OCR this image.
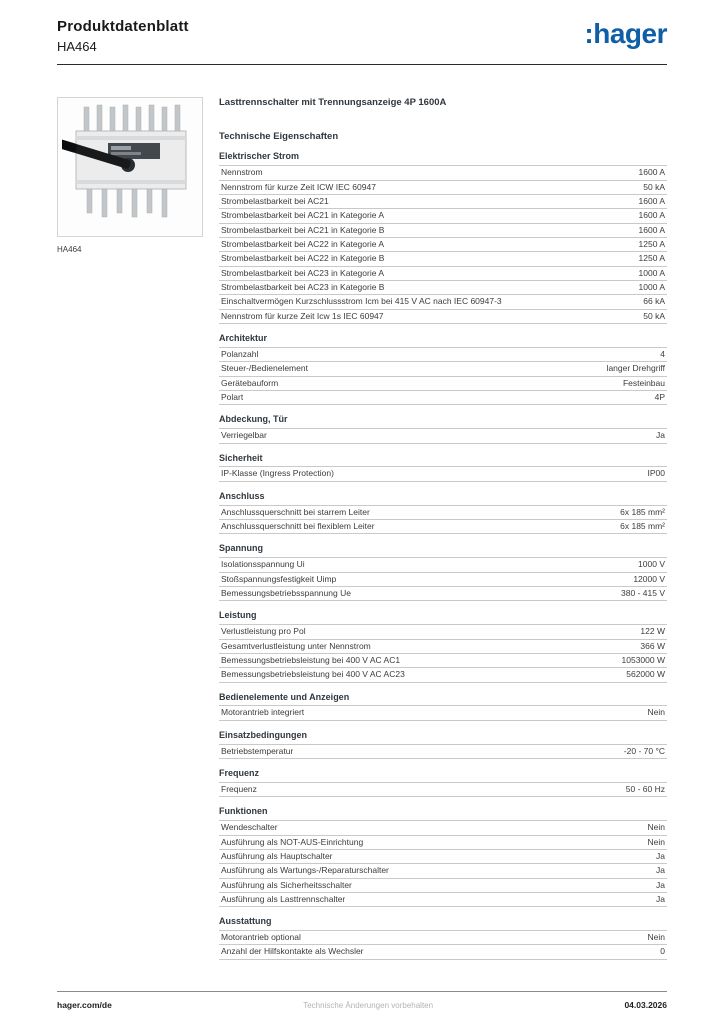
Produktdatenblatt
HA464	:hager
HA464
Lasttrennschalter mit Trennungsanzeige 4P 1600A
Technische Eigenschaften
Elektrischer Strom
Nennstrom	1600 A
Nennstrom für kurze Zeit ICW IEC 60947	50 kA
Strombelastbarkeit bei AC21	1600 A
Strombelastbarkeit bei AC21 in Kategorie A	1600 A
Strombelastbarkeit bei AC21 in Kategorie B	1600 A
Strombelastbarkeit bei AC22 in Kategorie A	1250 A
Strombelastbarkeit bei AC22 in Kategorie B	1250 A
Strombelastbarkeit bei AC23 in Kategorie A	1000 A
Strombelastbarkeit bei AC23 in Kategorie B	1000 A
Einschaltvermögen Kurzschlussstrom Icm bei 415 V AC nach IEC 60947-3	66 kA
Nennstrom für kurze Zeit Icw 1s IEC 60947	50 kA
Architektur
Polanzahl	4
Steuer-/Bedienelement	langer Drehgriff
Gerätebauform	Festeinbau
Polart	4P
Abdeckung, Tür
Verriegelbar	Ja
Sicherheit
IP-Klasse (Ingress Protection)	IP00
Anschluss
Anschlussquerschnitt bei starrem Leiter	6x 185 mm²
Anschlussquerschnitt bei flexiblem Leiter	6x 185 mm²
Spannung
Isolationsspannung Ui	1000 V
Stoßspannungsfestigkeit Uimp	12000 V
Bemessungsbetriebsspannung Ue	380 - 415 V
Leistung
Verlustleistung pro Pol	122 W
Gesamtverlustleistung unter Nennstrom	366 W
Bemessungsbetriebsleistung bei 400 V AC AC1	1053000 W
Bemessungsbetriebsleistung bei 400 V AC AC23	562000 W
Bedienelemente und Anzeigen
Motorantrieb integriert	Nein
Einsatzbedingungen
Betriebstemperatur	-20 - 70 °C
Frequenz
Frequenz	50 - 60 Hz
Funktionen
Wendeschalter	Nein
Ausführung als NOT-AUS-Einrichtung	Nein
Ausführung als Hauptschalter	Ja
Ausführung als Wartungs-/Reparaturschalter	Ja
Ausführung als Sicherheitsschalter	Ja
Ausführung als Lasttrennschalter	Ja
Ausstattung
Motorantrieb optional	Nein
Anzahl der Hilfskontakte als Wechsler	0
hager.com/de	Technische Änderungen vorbehalten	04.03.2026
